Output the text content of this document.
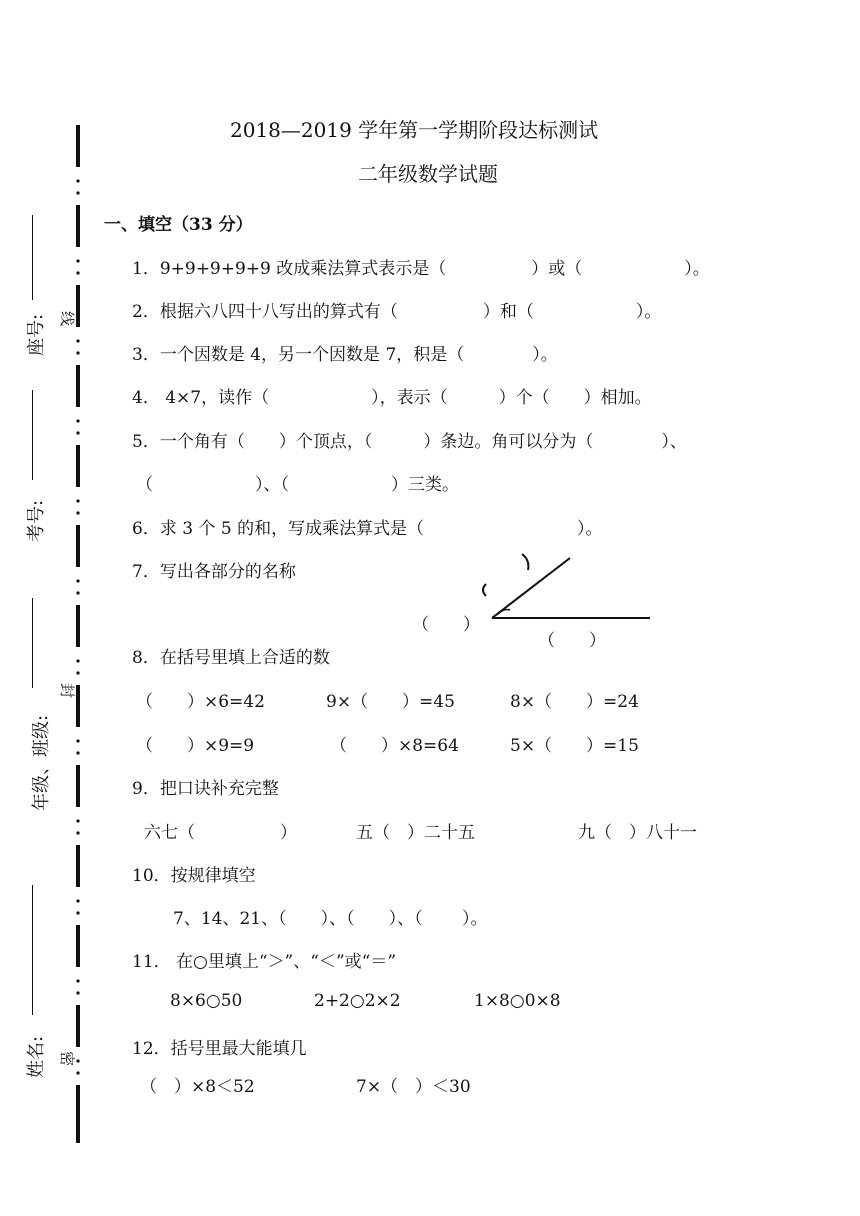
2018—2019 学年第一学期阶段达标测试
二年级数学试题
座号:
考号:
年级、班级:
姓名:
线
封
密
一、填空（33 分）
1．9+9+9+9+9 改成乘法算式表示是（　　　　　）或（　　　　　　）。
2．根据六八四十八写出的算式有（　　　　　）和（　　　　　　）。
3．一个因数是 4，另一个因数是 7，积是（　　　　）。
4． 4×7，读作（　　　　　　），表示（　　　）个（　　）相加。
5．一个角有（　　）个顶点，（　　　）条边。角可以分为（　　　　）、
（　　　　　　）、（　　　　　　）三类。
6．求 3 个 5 的和，写成乘法算式是（　　　　　　　　　）。
7．写出各部分的名称
（　　）
（　　）
8．在括号里填上合适的数
（　　）×6=42	9×（　　）=45	8×（　　）=24
（　　）×9=9	（　　）×8=64	5×（　　）=15
9．把口诀补充完整
六七（　　　　　）	五（　）二十五	九（　）八十一
10．按规律填空
7、14、21、（　　）、（　　）、（　　 ）。
11． 在○里填上“＞”、“＜”或“＝”
8×6○50	2+2○2×2	1×8○0×8
12．括号里最大能填几
（　）×8＜52	7×（　）＜30
